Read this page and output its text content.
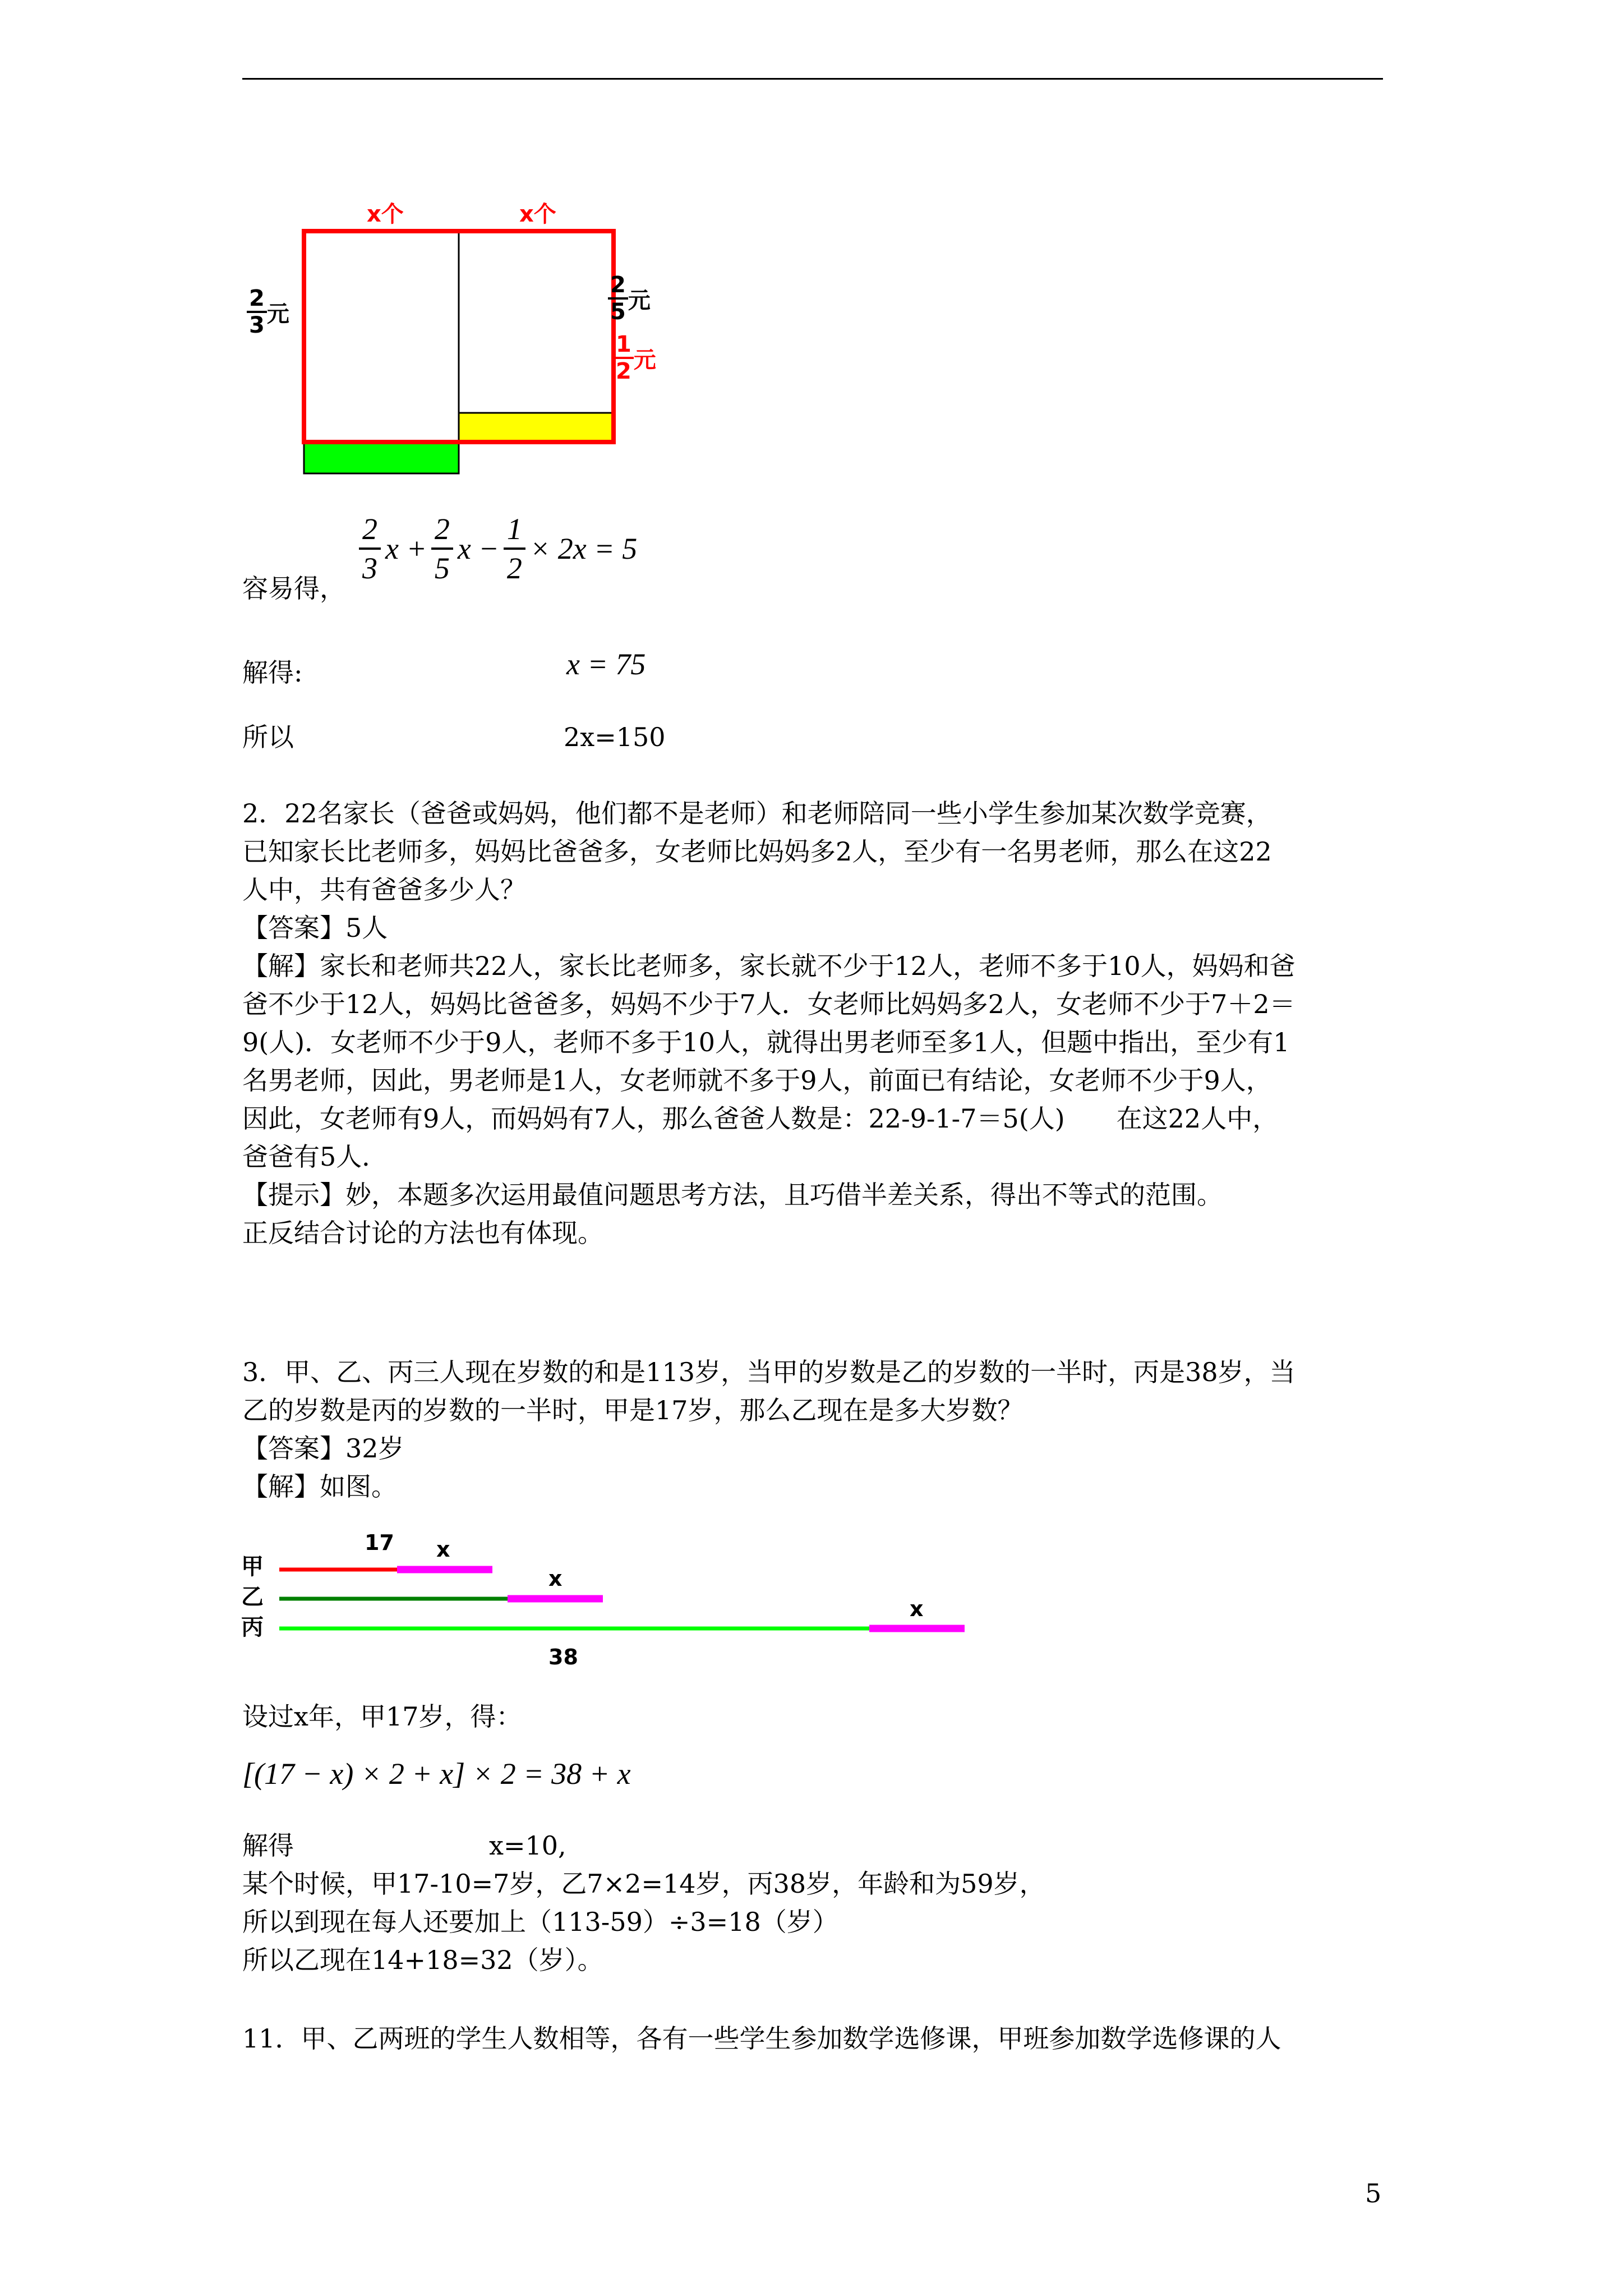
x个	x个
$\frac{2}{3}$ 元	$\frac{2}{5}$ 元
$\frac{1}{2}$ 元
容易得，
$\frac{2}{3}$ $x + \frac{2}{5}$ $x - \frac{1}{2} \times 2x = 5$
解得:	x = 75
所以	2x=150

2．22名家长（爸爸或妈妈，他们都不是老师）和老师陪同一些小学生参加某次数学竞赛，

已知家长比老师多，妈妈比爸爸多，女老师比妈妈多2人，至少有一名男老师，那么在这22

人中，共有爸爸多少人？

【答案】5人

【解】家长和老师共22人，家长比老师多，家长就不少于12人，老师不多于10人，妈妈和爸

爸不少于12人，妈妈比爸爸多，妈妈不少于7人．女老师比妈妈多2人，女老师不少于7＋2＝

9(人)．女老师不少于9人，老师不多于10人，就得出男老师至多1人，但题中指出，至少有1

名男老师，因此，男老师是1人，女老师就不多于9人，前面已有结论，女老师不少于9人，

因此，女老师有9人，而妈妈有7人，那么爸爸人数是：22-9-1-7＝5(人)　　在这22人中，

爸爸有5人．

【提示】妙，本题多次运用最值问题思考方法，且巧借半差关系，得出不等式的范围。

正反结合讨论的方法也有体现。

3．甲、乙、丙三人现在岁数的和是113岁，当甲的岁数是乙的岁数的一半时，丙是38岁，当

乙的岁数是丙的岁数的一半时，甲是17岁，那么乙现在是多大岁数？

【答案】32岁

【解】如图。

甲
乙
丙
17 x
x
x
38
设过x年，甲17岁，得：
[(17 − x) × 2 + x] × 2 = 38 + x
解得	x=10,

某个时候，甲17-10=7岁，乙7×2=14岁，丙38岁，年龄和为59岁，

所以到现在每人还要加上（113-59）÷3=18（岁）

所以乙现在14+18=32（岁）。

11．甲、乙两班的学生人数相等，各有一些学生参加数学选修课，甲班参加数学选修课的人
5
